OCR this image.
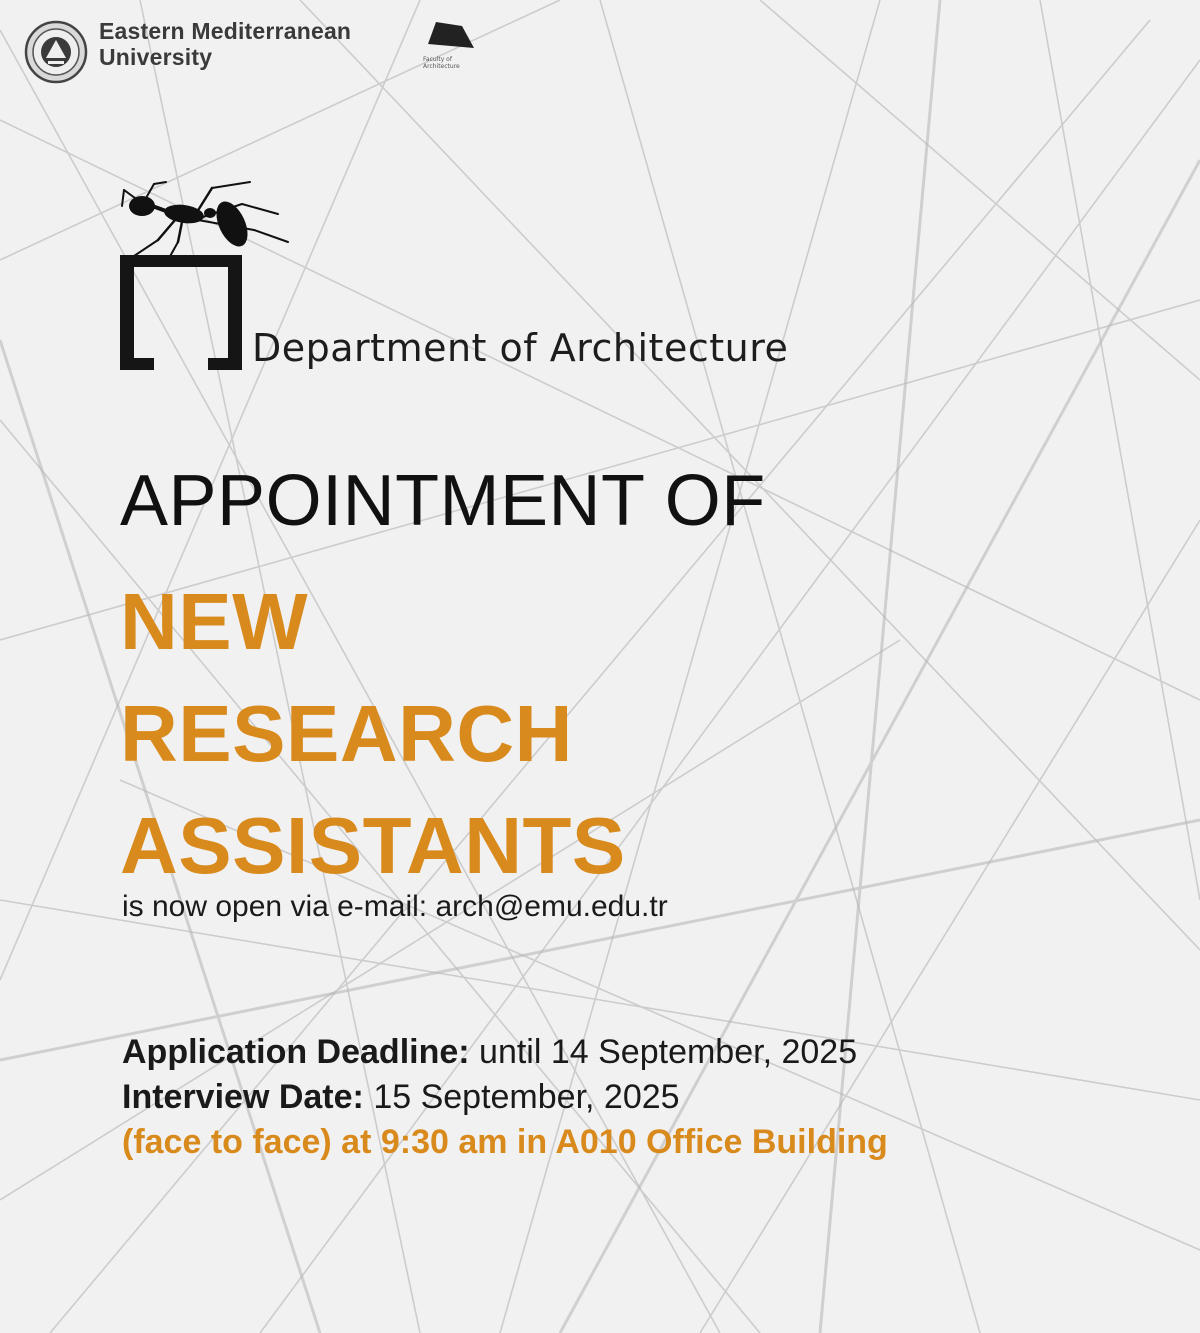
Eastern Mediterranean
University	Faculty of
Architecture
Department of Architecture
APPOINTMENT OF
NEW
RESEARCH
ASSISTANTS
is now open via e-mail: arch@emu.edu.tr
Application Deadline: until 14 September, 2025
Interview Date: 15 September, 2025
(face to face) at 9:30 am in A010 Office Building
